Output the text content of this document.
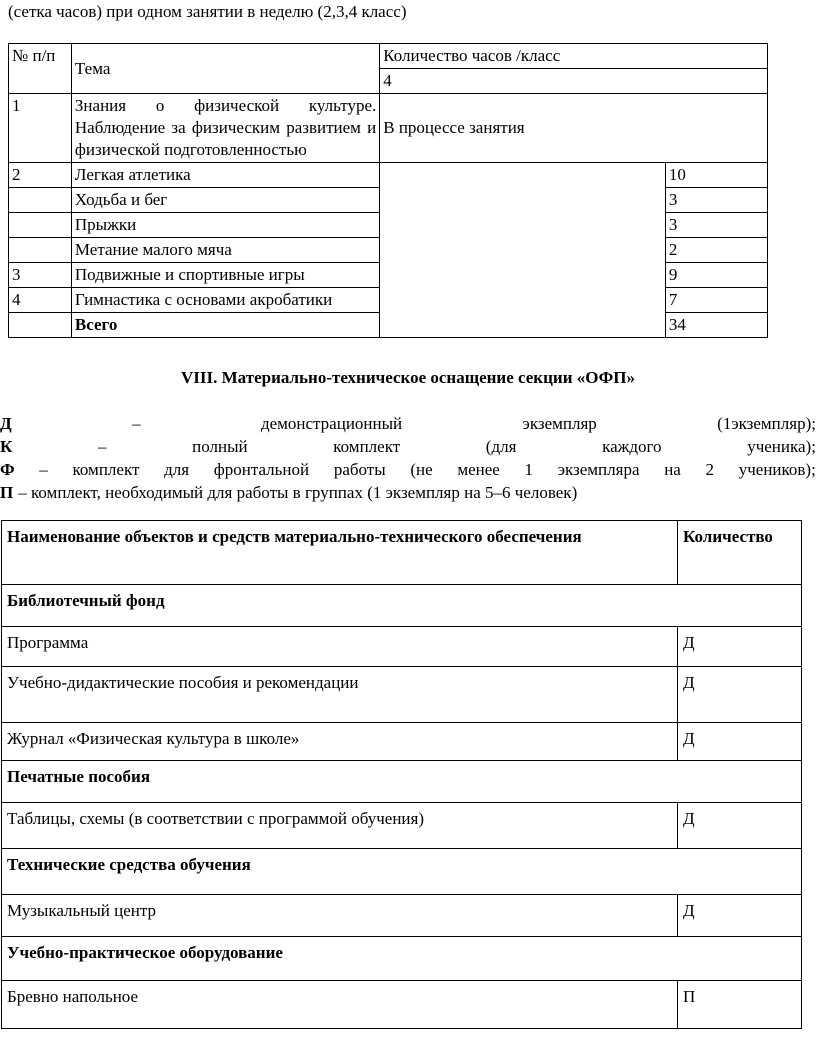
(сетка часов) при одном занятии в неделю (2,3,4 класс)
№ п/п	Тема	Количество часов /класс	
		4	
1	Знания о физической культуре. Наблюдение за физическим развитием и физической подготовленностью	В процессе занятия	
2	Легкая атлетика		10
	Ходьба и бег		3
	Прыжки		3
	Метание малого мяча		2
3	Подвижные и спортивные игры		9
4	Гимнастика с основами акробатики		7
	Всего		34
VIII. Материально-техническое оснащение секции «ОФП»
Д	–	демонстрационный	экземпляр	(1экземпляр);
К	–	полный	комплект	(для	каждого	ученика);
Ф – комплект для фронтальной работы (не менее 1 экземпляра на 2 учеников);
П – комплект, необходимый для работы в группах (1 экземпляр на 5–6 человек)
Наименование объектов и средств материально-технического обеспечения	Количество
Библиотечный фонд	
Программа	Д
Учебно-дидактические пособия и рекомендации	Д
Журнал «Физическая культура в школе»	Д
Печатные пособия	
Таблицы, схемы (в соответствии с программой обучения)	Д
Технические средства обучения	
Музыкальный центр	Д
Учебно-практическое оборудование	
Бревно напольное	П
